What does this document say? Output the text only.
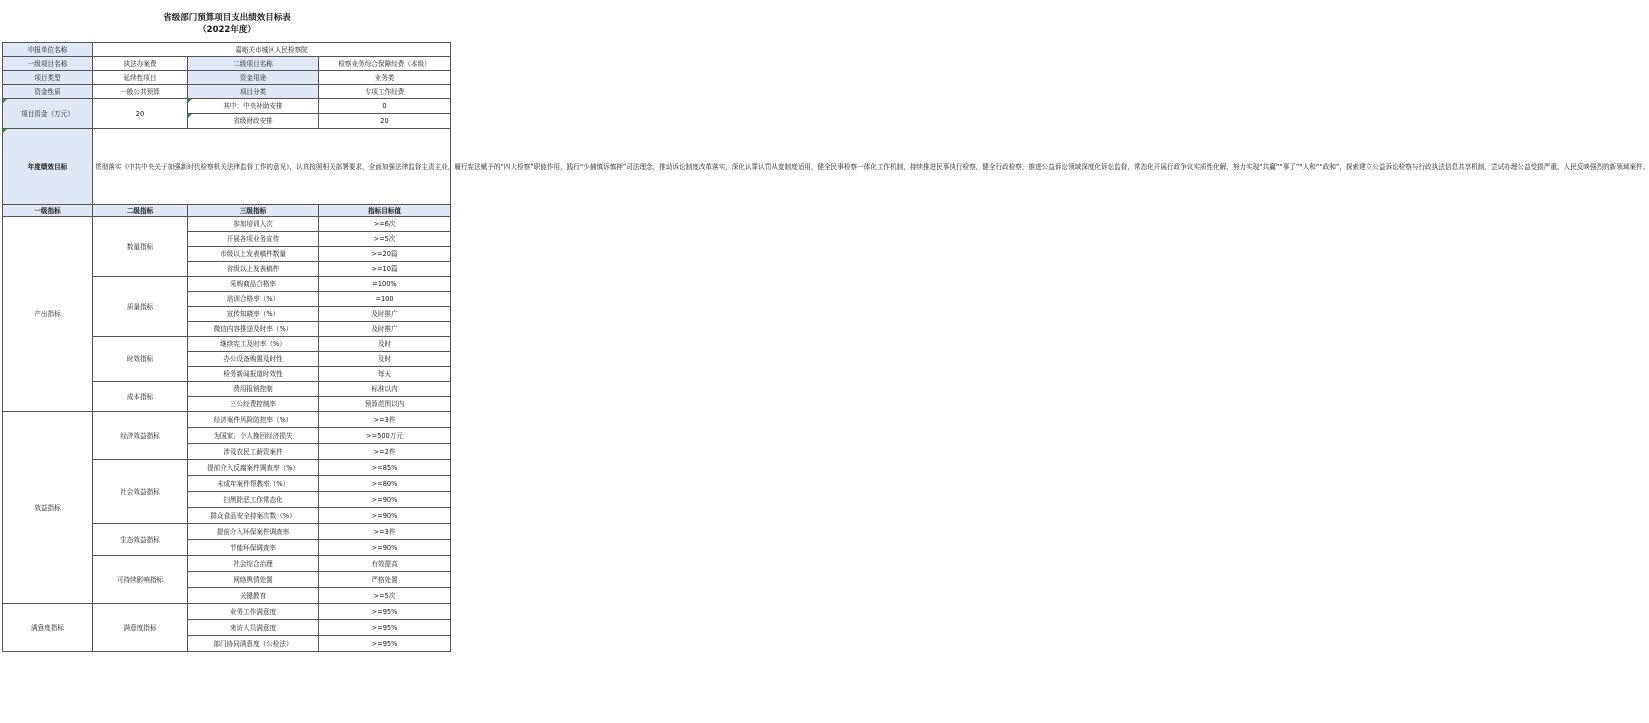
省级部门预算项目支出绩效目标表
（2022年度）
申报单位名称	嘉峪关市城区人民检察院		
一级项目名称	执法办案费	二级项目名称	检察业务综合保障经费（本级）
项目类型	延续性项目	资金用途	业务类
资金性质	一般公共预算	项目分类	专项工作经费
项目资金（万元）	20	其中：中央补助安排	0
		省级财政安排	20
年度绩效目标	贯彻落实《中共中央关于加强新时代检察机关法律监督工作的意见》，认真按照相关部署要求，全面加强法律监督主责主业，履行宪法赋予的“四大检察”职能作用，践行“少捕慎诉慎押”司法理念，推动诉讼制度改革落实，深化认罪认罚从宽制度适用，健全民事检察一体化工作机制，持续推进民事执行检察，健全行政检察，推进公益诉讼领域深度化诉讼监督，常态化开展行政争议实质性化解，努力实现“共赢”“事了”“人和”“政和”，探索建立公益诉讼检察与行政执法信息共享机制，尝试办理公益受损严重、人民反映强烈的新领域案件。		
一级指标	二级指标	三级指标	指标目标值
产出指标	数量指标	参加培训人次	>=6次
		开展各项业务宣传	>=5次
		市级以上发表稿件数量	>=20篇
		省级以上发表稿件	>=10篇
	质量指标	采购商品合格率	=100%
		培训合格率（%）	=100
		宣传知晓率（%）	及时推广
		微信内容推送及时率（%）	及时推广
	时效指标	继续宪工及时率（%）	及时
		办公设备购置及时性	及时
		检务新闻报道时效性	每天
	成本指标	费用报销控制	标准以内
		三公经费控制率	预算范围以内
效益指标	经济效益指标	经济案件风险防控率（%）	>=3件
		为国家、个人挽回经济损失	>=500万元
		涉及农民工薪资案件	>=2件
	社会效益指标	提前介入反腐案件调查率（%）	>=85%
		未成年案件帮教率（%）	>=80%
		扫黑除恶工作常态化	>=90%
		群众食品安全持案次数（%）	>=90%
	生态效益指标	提前介入环保案件调查率	>=3件
		节能环保调查率	>=90%
	可持续影响指标	社会综合治理	有效提高
		网络舆情处置	严格处置
		关键教育	>=5次
满意度指标	满意度指标	业务工作满意度	>=95%
		来访人员满意度	>=95%
		部门协同满意度（公检法）	>=95%
